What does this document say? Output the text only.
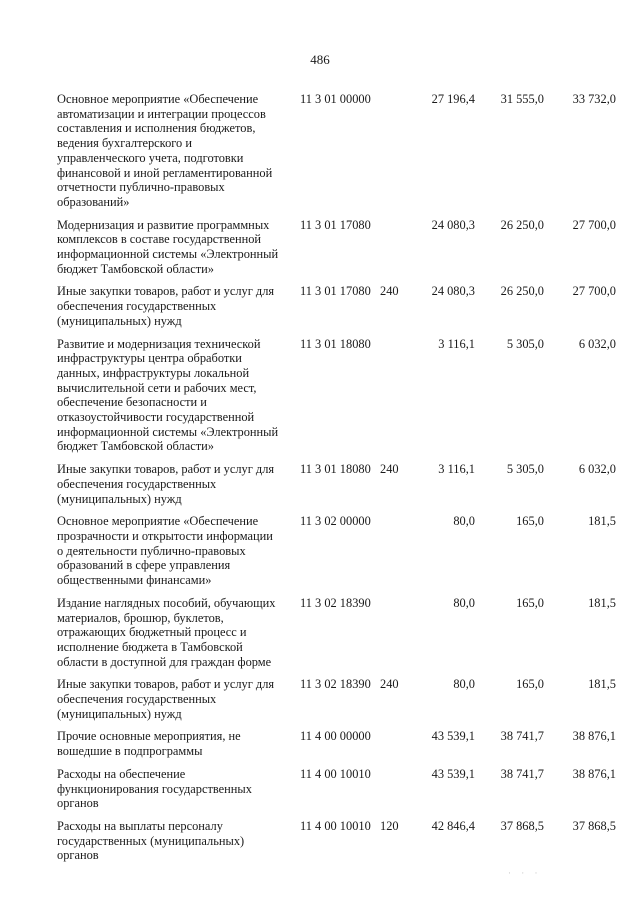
486
Основное мероприятие «Обеспечение
автоматизации и интеграции процессов
составления и исполнения бюджетов,
ведения бухгалтерского и
управленческого учета, подготовки
финансовой и иной регламентированной
отчетности публично-правовых
образований»
11 3 01 00000	27 196,4 31 555,0 33 732,0
Модернизация и развитие программных
комплексов в составе государственной
информационной системы «Электронный
бюджет Тамбовской области»
11 3 01 17080	24 080,3 26 250,0 27 700,0
Иные закупки товаров, работ и услуг для
обеспечения государственных
(муниципальных) нужд
11 3 01 17080 240	24 080,3 26 250,0 27 700,0
Развитие и модернизация технической
инфраструктуры центра обработки
данных, инфраструктуры локальной
вычислительной сети и рабочих мест,
обеспечение безопасности и
отказоустойчивости государственной
информационной системы «Электронный
бюджет Тамбовской области»
11 3 01 18080	3 116,1	5 305,0	6 032,0
Иные закупки товаров, работ и услуг для
обеспечения государственных
(муниципальных) нужд
11 3 01 18080 240	3 116,1	5 305,0	6 032,0
Основное мероприятие «Обеспечение
прозрачности и открытости информации
о деятельности публично-правовых
образований в сфере управления
общественными финансами»
11 3 02 00000	80,0	165,0	181,5
Издание наглядных пособий, обучающих
материалов, брошюр, буклетов,
отражающих бюджетный процесс и
исполнение бюджета в Тамбовской
области в доступной для граждан форме
11 3 02 18390	80,0	165,0	181,5
Иные закупки товаров, работ и услуг для
обеспечения государственных
(муниципальных) нужд
11 3 02 18390 240	80,0	165,0	181,5
Прочие основные мероприятия, не
вошедшие в подпрограммы
11 4 00 00000	43 539,1 38 741,7 38 876,1
Расходы на обеспечение
функционирования государственных
органов
11 4 00 10010	43 539,1 38 741,7 38 876,1
Расходы на выплаты персоналу
государственных (муниципальных)
органов
11 4 00 10010 120	42 846,4 37 868,5 37 868,5
· · ·
